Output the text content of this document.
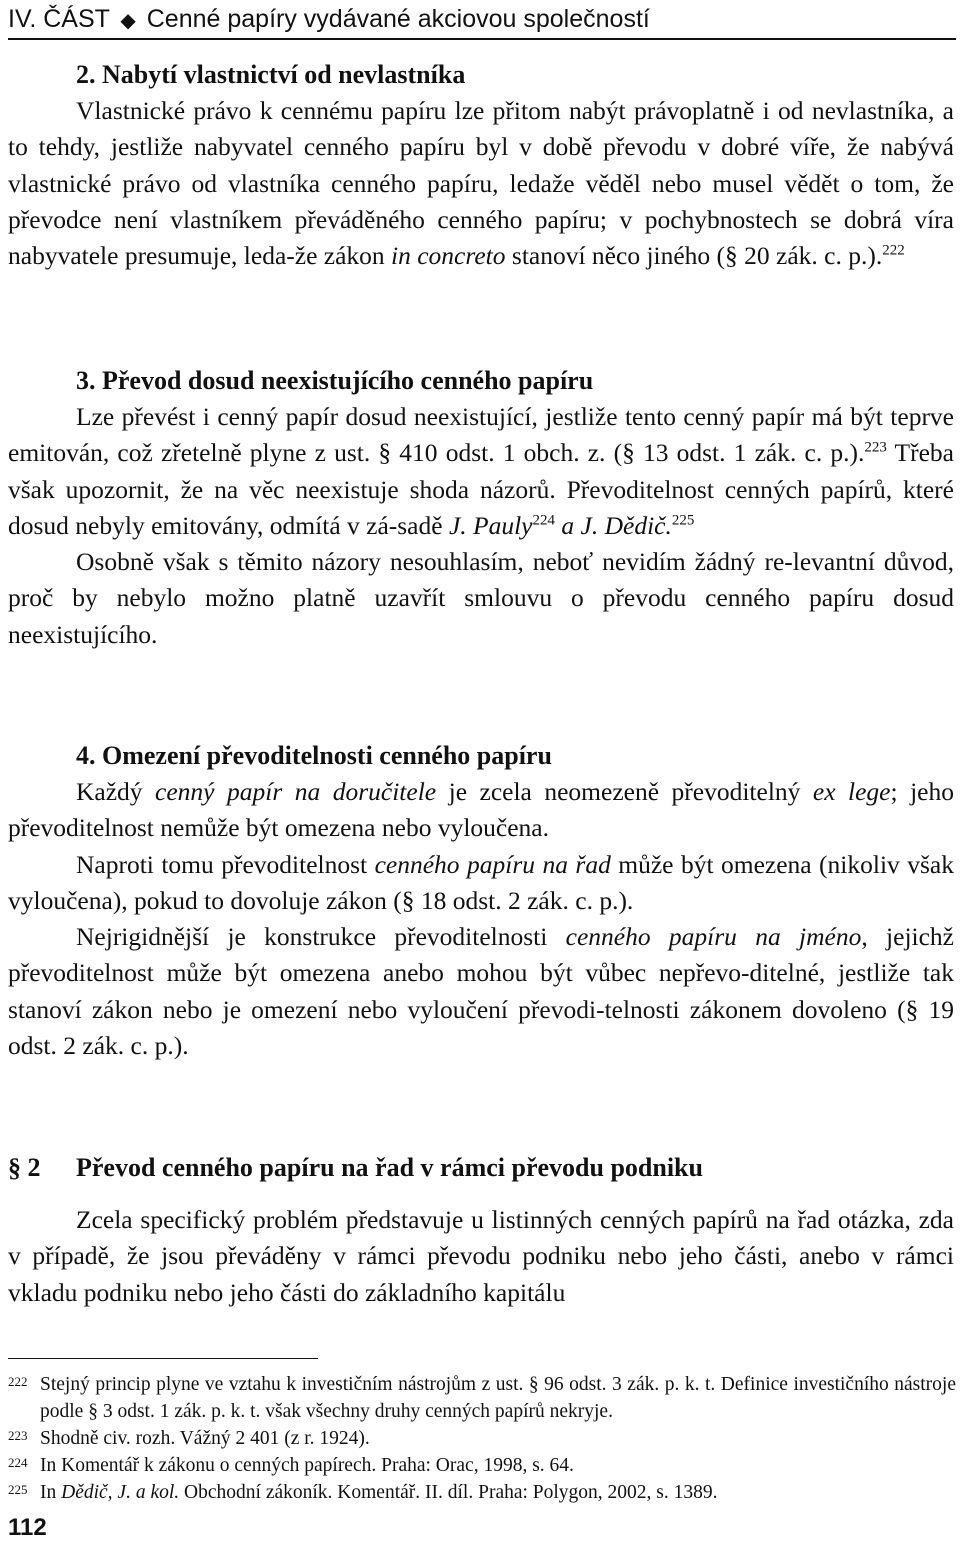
IV. ČÁST ◆ Cenné papíry vydávané akciovou společností
2. Nabytí vlastnictví od nevlastníka

Vlastnické právo k cennému papíru lze přitom nabýt právoplatně i od nevlastníka, a to tehdy, jestliže nabyvatel cenného papíru byl v době převodu v dobré víře, že nabývá vlastnické právo od vlastníka cenného papíru, ledaže věděl nebo musel vědět o tom, že převodce není vlastníkem převáděného cenného papíru; v pochybnostech se dobrá víra nabyvatele presumuje, leda-že zákon in concreto stanoví něco jiného (§ 20 zák. c. p.).$^{222}$

3. Převod dosud neexistujícího cenného papíru

Lze převést i cenný papír dosud neexistující, jestliže tento cenný papír má být teprve emitován, což zřetelně plyne z ust. § 410 odst. 1 obch. z. (§ 13 odst. 1 zák. c. p.).$^{223}$ Třeba však upozornit, že na věc neexistuje shoda názorů. Převoditelnost cenných papírů, které dosud nebyly emitovány, odmítá v zá-sadě J. Pauly$^{224}$ a J. Dědič.$^{225}$

Osobně však s těmito názory nesouhlasím, neboť nevidím žádný re-levantní důvod, proč by nebylo možno platně uzavřít smlouvu o převodu cenného papíru dosud neexistujícího.

4. Omezení převoditelnosti cenného papíru

Každý cenný papír na doručitele je zcela neomezeně převoditelný ex lege; jeho převoditelnost nemůže být omezena nebo vyloučena.

Naproti tomu převoditelnost cenného papíru na řad může být omezena (nikoliv však vyloučena), pokud to dovoluje zákon (§ 18 odst. 2 zák. c. p.).

Nejrigidnější je konstrukce převoditelnosti cenného papíru na jméno, jejichž převoditelnost může být omezena anebo mohou být vůbec nepřevo-ditelné, jestliže tak stanoví zákon nebo je omezení nebo vyloučení převodi-telnosti zákonem dovoleno (§ 19 odst. 2 zák. c. p.).

§ 2 Převod cenného papíru na řad v rámci převodu podniku

Zcela specifický problém představuje u listinných cenných papírů na řad otázka, zda v případě, že jsou převáděny v rámci převodu podniku nebo jeho části, anebo v rámci vkladu podniku nebo jeho části do základního kapitálu

222 Stejný princip plyne ve vztahu k investičním nástrojům z ust. § 96 odst. 3 zák. p. k. t. Definice investičního nástroje podle § 3 odst. 1 zák. p. k. t. však všechny druhy cenných papírů nekryje.

223 Shodně civ. rozh. Vážný 2 401 (z r. 1924).

224 In Komentář k zákonu o cenných papírech. Praha: Orac, 1998, s. 64.

225 In Dědič, J. a kol. Obchodní zákoník. Komentář. II. díl. Praha: Polygon, 2002, s. 1389.

112
